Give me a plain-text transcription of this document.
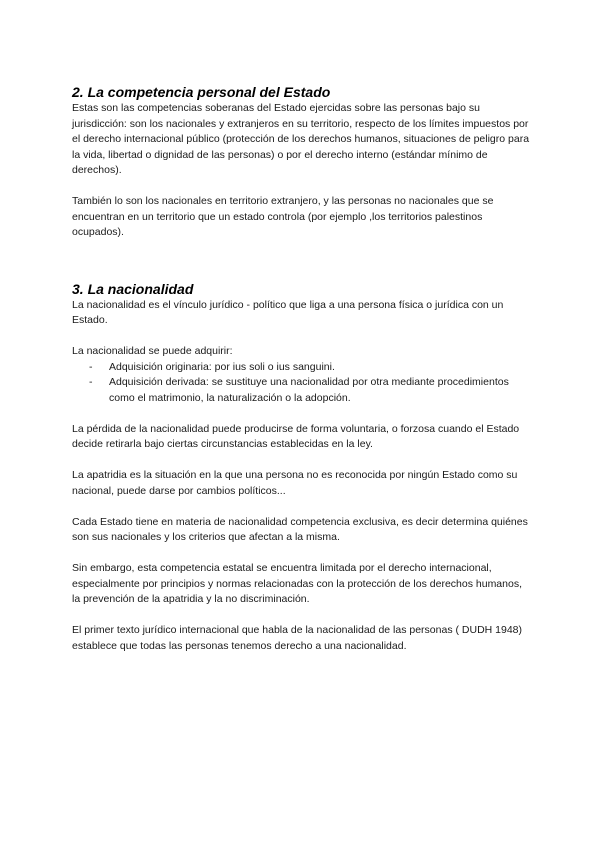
2. La competencia personal del Estado

Estas son las competencias soberanas del Estado ejercidas sobre las personas bajo su jurisdicción: son los nacionales y extranjeros en su territorio, respecto de los límites impuestos por el derecho internacional público (protección de los derechos humanos, situaciones de peligro para la vida, libertad o dignidad de las personas) o por el derecho interno (estándar mínimo de derechos).

También lo son los nacionales en territorio extranjero, y las personas no nacionales que se encuentran en un territorio que un estado controla (por ejemplo ,los territorios palestinos ocupados).

3. La nacionalidad

La nacionalidad es el vínculo jurídico - político que liga a una persona física o jurídica con un Estado.

La nacionalidad se puede adquirir:

- Adquisición originaria: por ius soli o ius sanguini.
- Adquisición derivada: se sustituye una nacionalidad por otra mediante procedimientos como el matrimonio, la naturalización o la adopción.

La pérdida de la nacionalidad puede producirse de forma voluntaria, o forzosa cuando el Estado decide retirarla bajo ciertas circunstancias establecidas en la ley.

La apatridia es la situación en la que una persona no es reconocida por ningún Estado como su nacional, puede darse por cambios políticos...

Cada Estado tiene en materia de nacionalidad competencia exclusiva, es decir determina quiénes son sus nacionales y los criterios que afectan a la misma.

Sin embargo, esta competencia estatal se encuentra limitada por el derecho internacional, especialmente por principios y normas relacionadas con la protección de los derechos humanos, la prevención de la apatridia y la no discriminación.

El primer texto jurídico internacional que habla de la nacionalidad de las personas ( DUDH 1948) establece que todas las personas tenemos derecho a una nacionalidad.
